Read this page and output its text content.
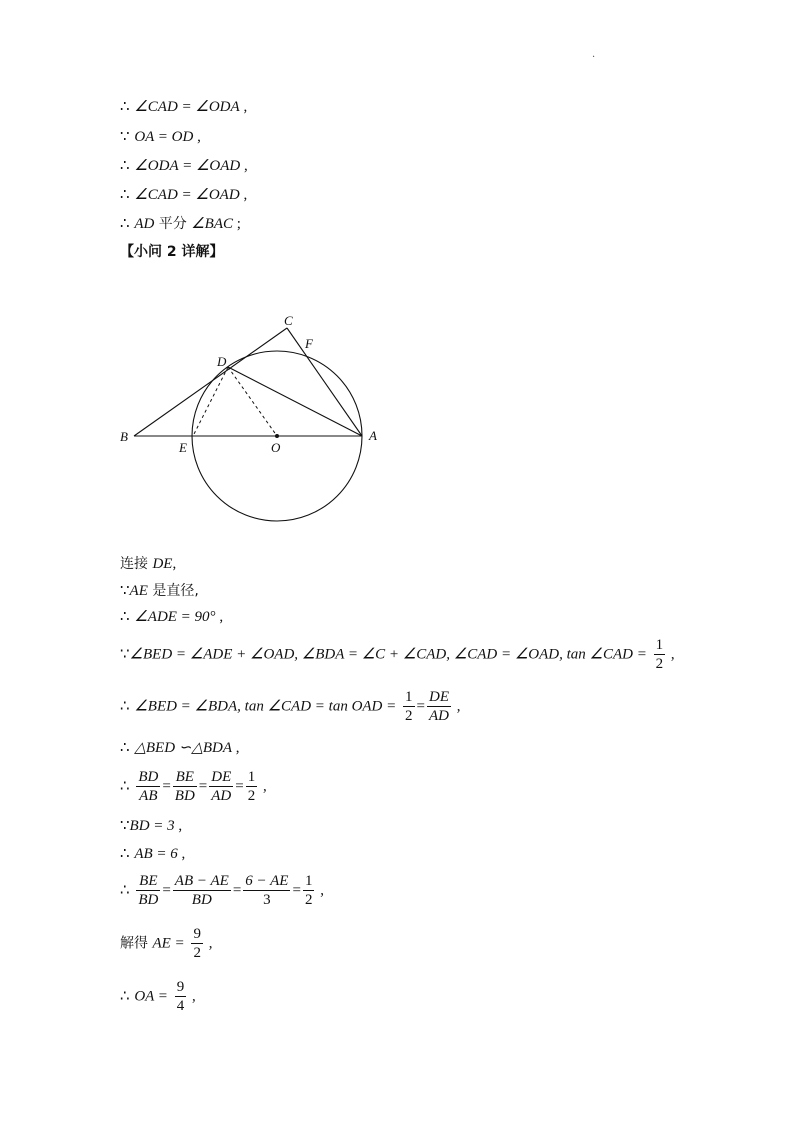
·
∴ ∠CAD = ∠ODA ,
∵ OA = OD ,
∴ ∠ODA = ∠OAD ,
∴ ∠CAD = ∠OAD ,
∴ AD 平分 ∠BAC ;
【小问 2 详解】
C
F
D
B
E	O
A
连接 DE,
∵AE 是直径,
∴ ∠ADE = 90° ,
∵∠BED = ∠ADE + ∠OAD, ∠BDA = ∠C + ∠CAD, ∠CAD = ∠OAD, tan ∠CAD = $\frac{1}{2}$ ,
∴ ∠BED = ∠BDA, tan ∠CAD = tan OAD = $\frac{1}{2} = \frac{DE}{AD}$ ,
∴ △BED ∽△BDA ,
∴ $\frac{BD}{AB} = \frac{BE}{BD} = \frac{DE}{AD} = \frac{1}{2}$ ,
∵BD = 3 ,
∴ AB = 6 ,
∴ $\frac{BE}{BD} = \frac{AB - AE}{BD} = \frac{6 - AE}{3} = \frac{1}{2}$ ,
解得 AE = $\frac{9}{2}$ ,
∴ OA = $\frac{9}{4}$ ,
